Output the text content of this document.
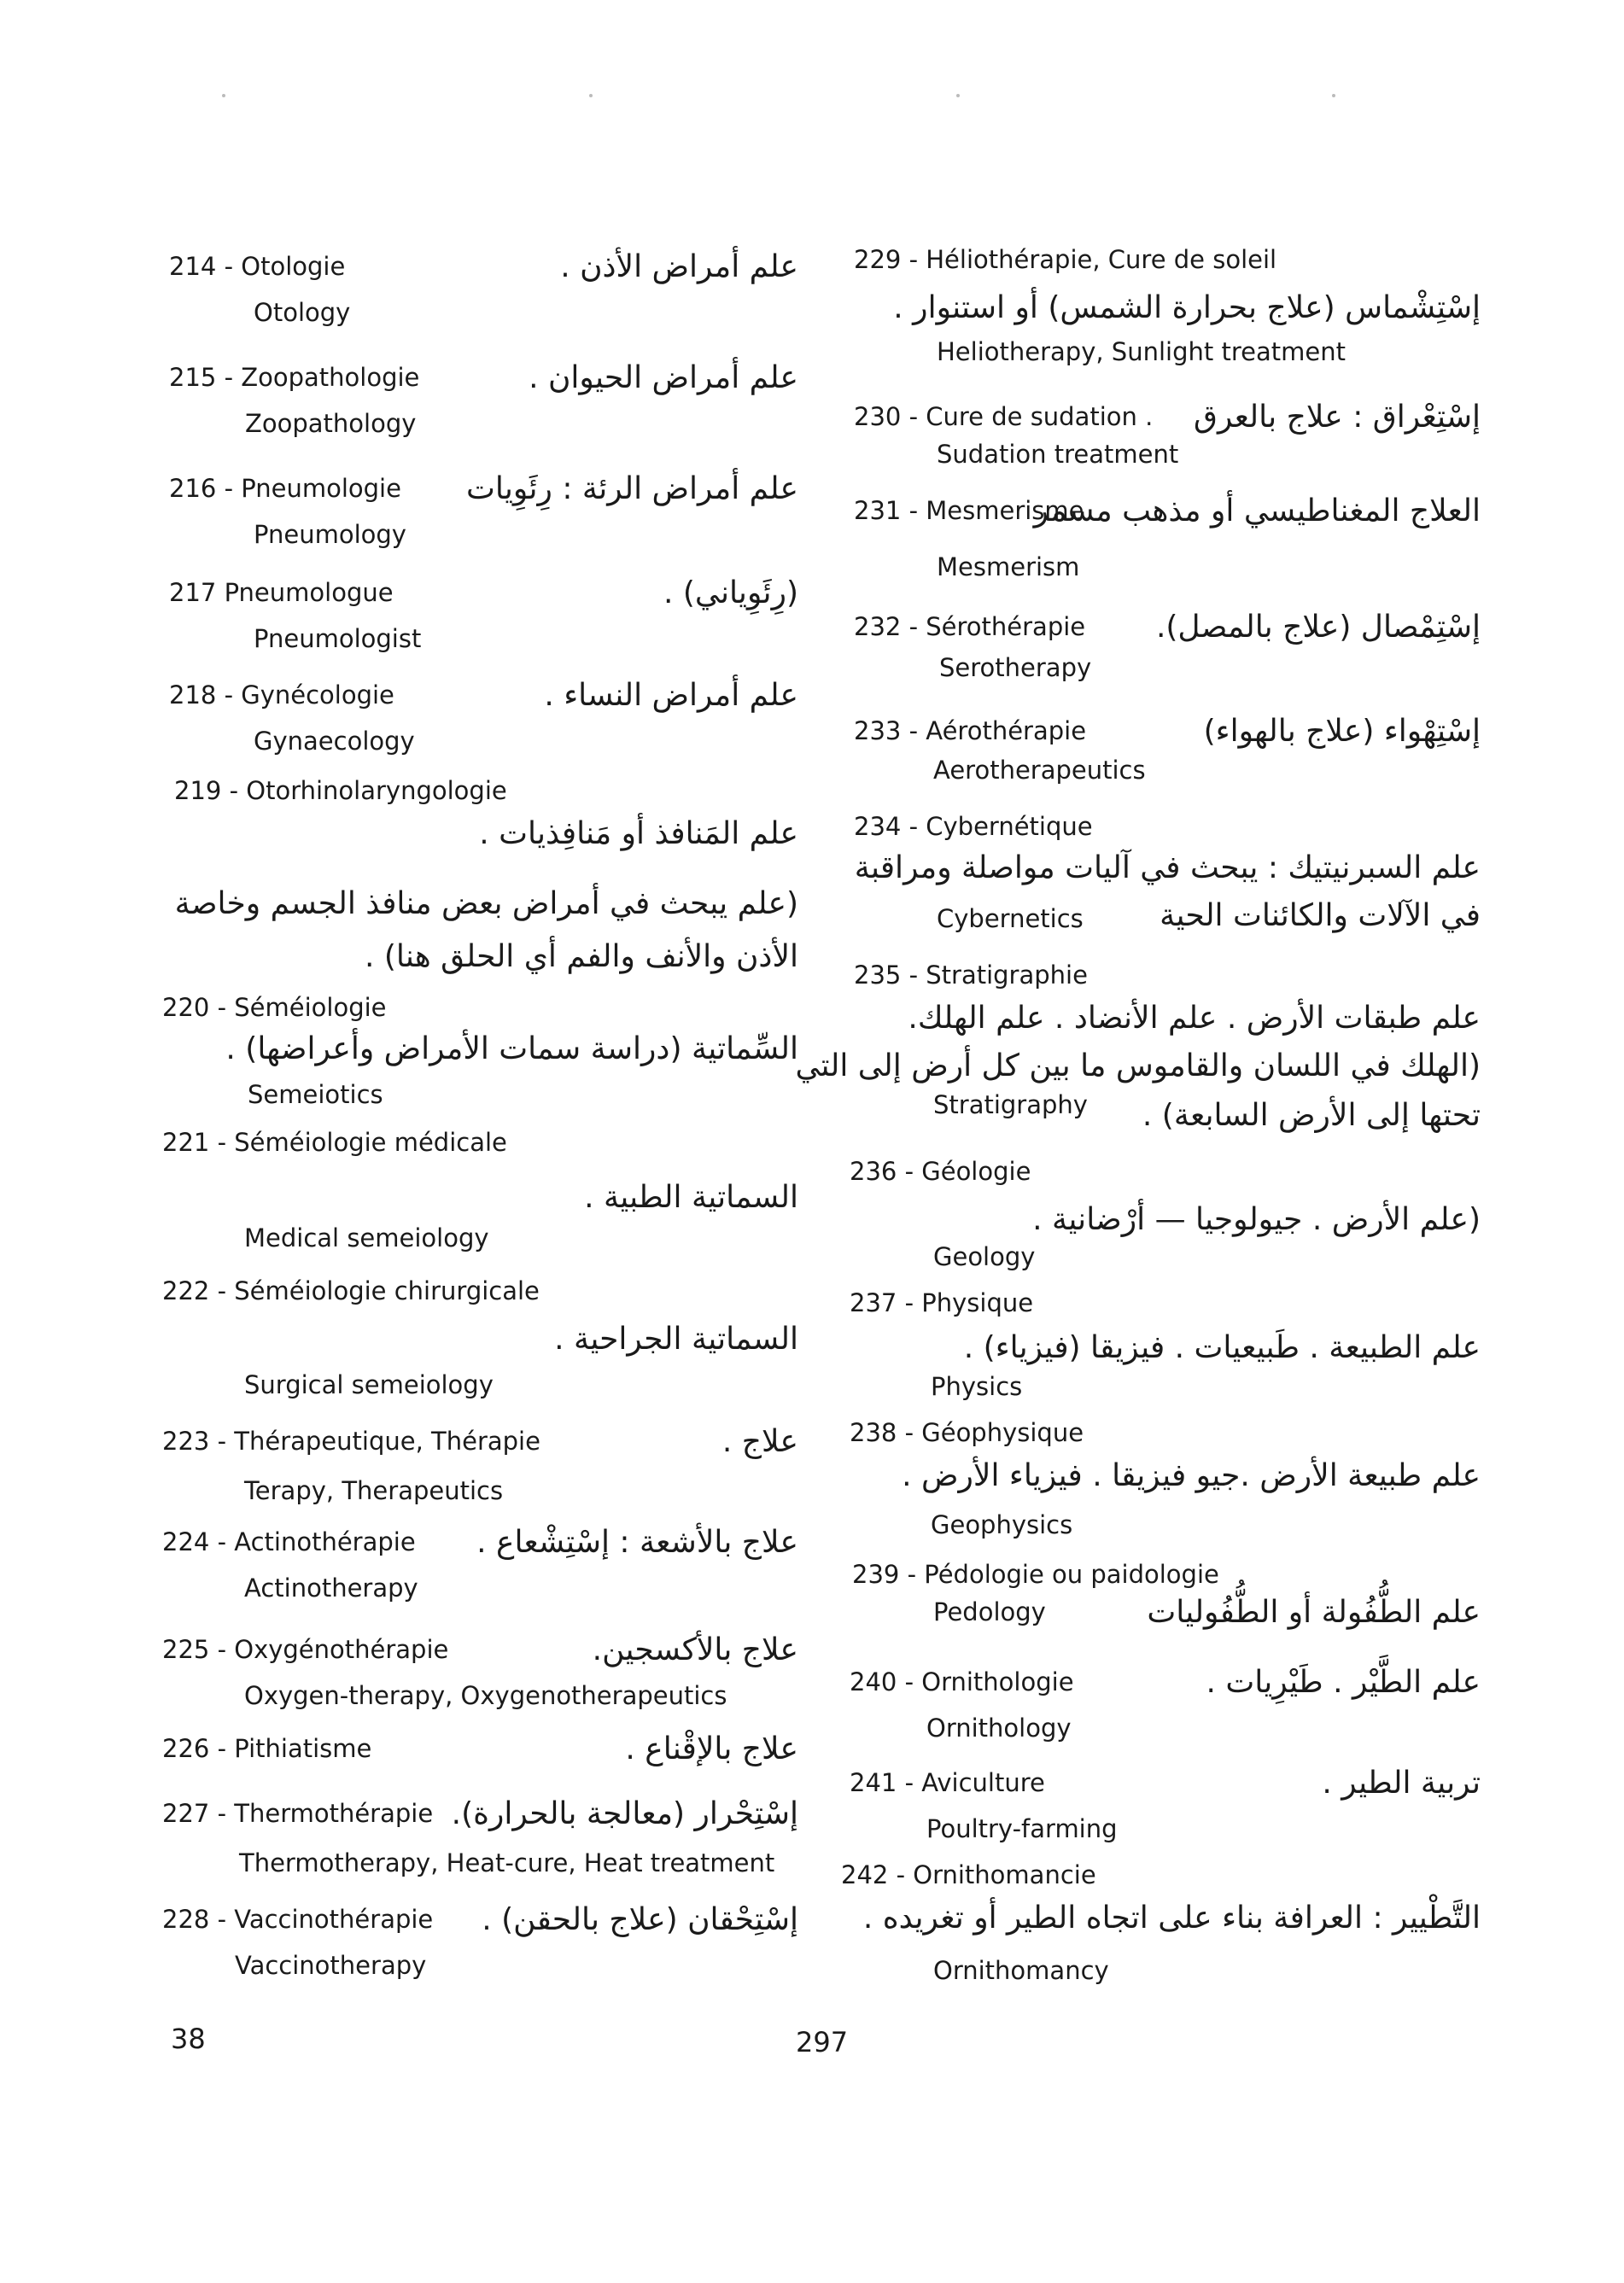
214 - Otologie	علم أمراض الأذن .
Otology
215 - Zoopathologie	علم أمراض الحيوان .
Zoopathology
216 - Pneumologie علم أمراض الرئة : رِئَوِيات
Pneumology
217 Pneumologue	(رِئَوِياني) .
Pneumologist
218 - Gynécologie	علم أمراض النساء .
Gynaecology
219 - Otorhinolaryngologie
علم المَنافذ أو مَنافِذيات .
(علم يبحث في أمراض بعض منافذ الجسم وخاصة
الأذن والأنف والفم أي الحلق هنا) .
220 - Séméiologie
السِّماتية (دراسة سمات الأمراض وأعراضها) .
Semeiotics
221 - Séméiologie médicale
السماتية الطبية .
Medical semeiology
222 - Séméiologie chirurgicale
السماتية الجراحية .
Surgical semeiology
223 - Thérapeutique, Thérapie	علاج .
Terapy, Therapeutics
224 - Actinothérapie علاج بالأشعة : إسْتِشْعاع .
Actinotherapy
225 - Oxygénothérapie	علاج بالأكسجين.
Oxygen-therapy, Oxygenotherapeutics
226 - Pithiatisme	علاج بالإقْناع .
227 - Thermothérapie إسْتِحْرار (معالجة بالحرارة).
Thermotherapy, Heat-cure, Heat treatment
228 - Vaccinothérapie إسْتِحْقان (علاج بالحقن) .
Vaccinotherapy
229 - Héliothérapie, Cure de soleil
إسْتِشْماس (علاج بحرارة الشمس) أو استنوار .
Heliotherapy, Sunlight treatment
230 - Cure de sudation . إسْتِعْراق : علاج بالعرق
Sudation treatment
231 - Mesmerisme
العلاج المغناطيسي أو مذهب مسمر
Mesmerism
232 - Sérothérapie إسْتِمْصال (علاج بالمصل).
Serotherapy
233 - Aérothérapie	إسْتِهْواء (علاج بالهواء)
Aerotherapeutics
234 - Cybernétique
علم السبرنيتيك : يبحث في آليات مواصلة ومراقبة
في الآلات والكائنات الحية
Cybernetics
235 - Stratigraphie
علم طبقات الأرض . علم الأنضاد . علم الهلك.
(الهلك في اللسان والقاموس ما بين كل أرض إلى التي
Stratigraphy تحتها إلى الأرض السابعة) .
236 - Géologie
(علم الأرض . جيولوجيا — أرْضانية .
Geology
237 - Physique
علم الطبيعة . طَبيعيات . فيزيقا (فيزياء) .
Physics
238 - Géophysique
علم طبيعة الأرض .جيو فيزيقا . فيزياء الأرض .
Geophysics
239 - Pédologie ou paidologie
Pedology	علم الطُّفُولة أو الطُّفُوليات
240 - Ornithologie	علم الطَّيْر . طَيْرِيات .
Ornithology
241 - Aviculture	تربية الطير .
Poultry-farming
242 - Ornithomancie
التَّطْيير : العرافة بناء على اتجاه الطير أو تغريده .
Ornithomancy
38	297
